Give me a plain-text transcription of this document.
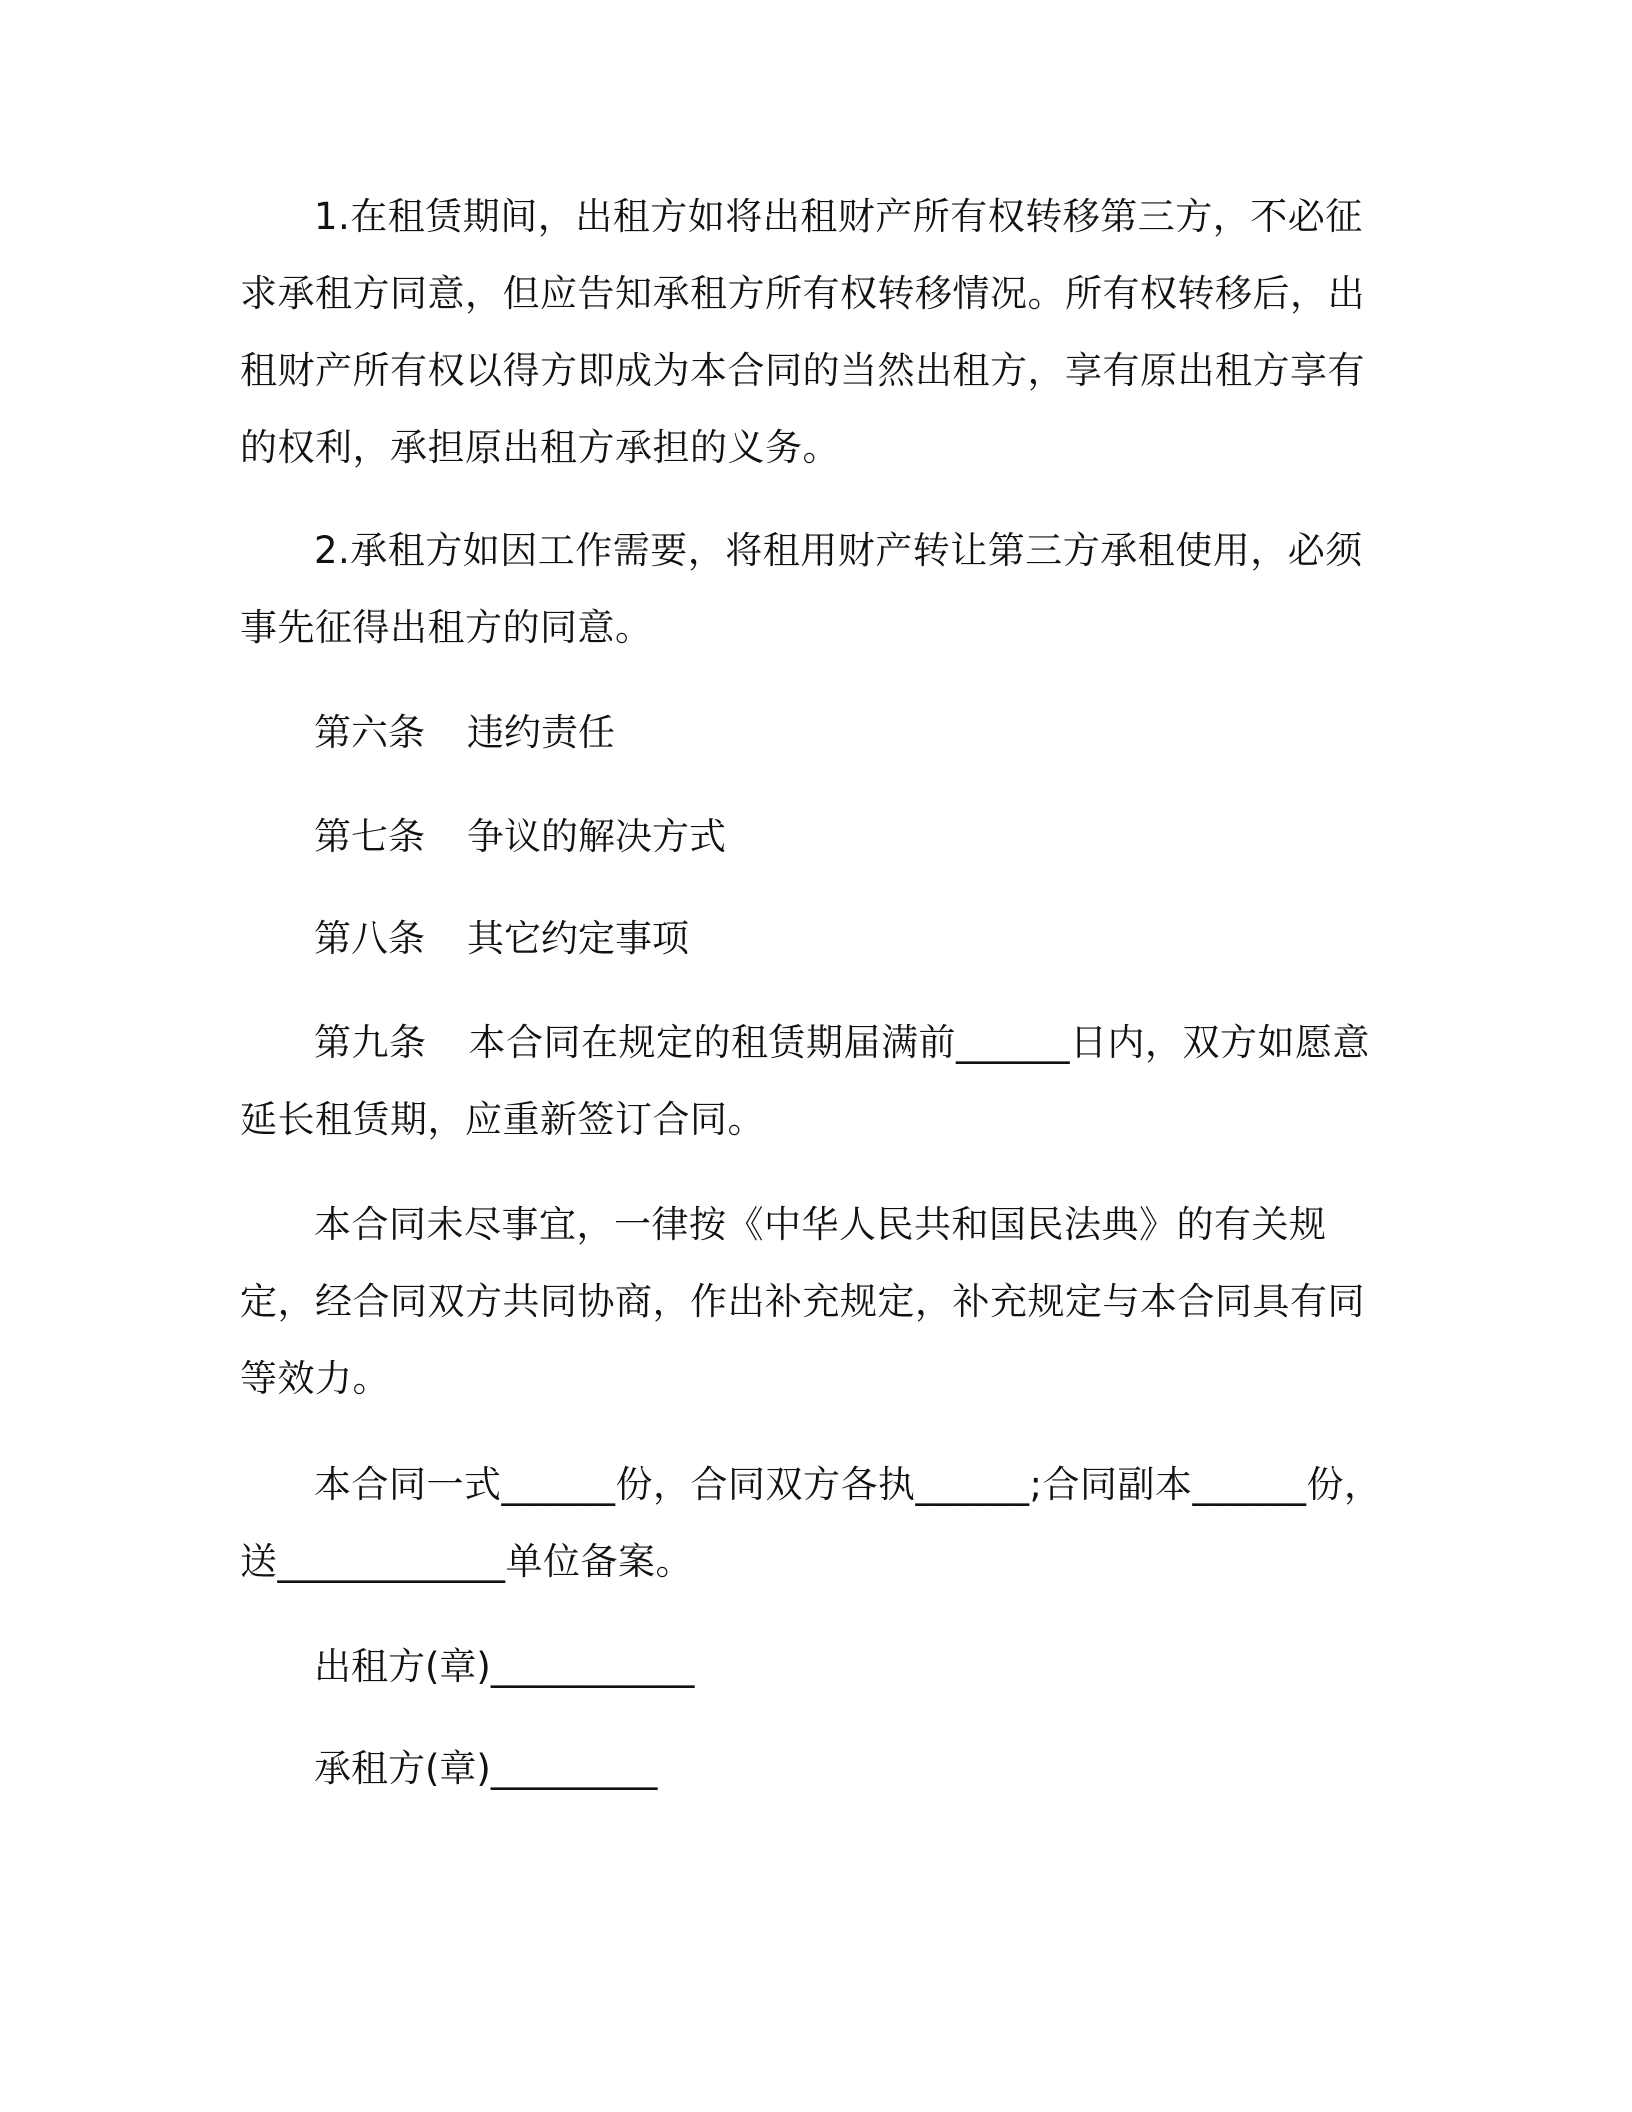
1.在租赁期间，出租方如将出租财产所有权转移第三方，不必征求承租方同意，但应告知承租方所有权转移情况。所有权转移后，出租财产所有权以得方即成为本合同的当然出租方，享有原出租方享有的权利，承担原出租方承担的义务。

2.承租方如因工作需要，将租用财产转让第三方承租使用，必须事先征得出租方的同意。

第六条 违约责任

第七条 争议的解决方式

第八条 其它约定事项

第九条 本合同在规定的租赁期届满前______日内，双方如愿意延长租赁期，应重新签订合同。

本合同未尽事宜，一律按《中华人民共和国民法典》的有关规定，经合同双方共同协商，作出补充规定，补充规定与本合同具有同等效力。

本合同一式______份，合同双方各执______;合同副本______份，送____________单位备案。

出租方(章)___________

承租方(章)_________
